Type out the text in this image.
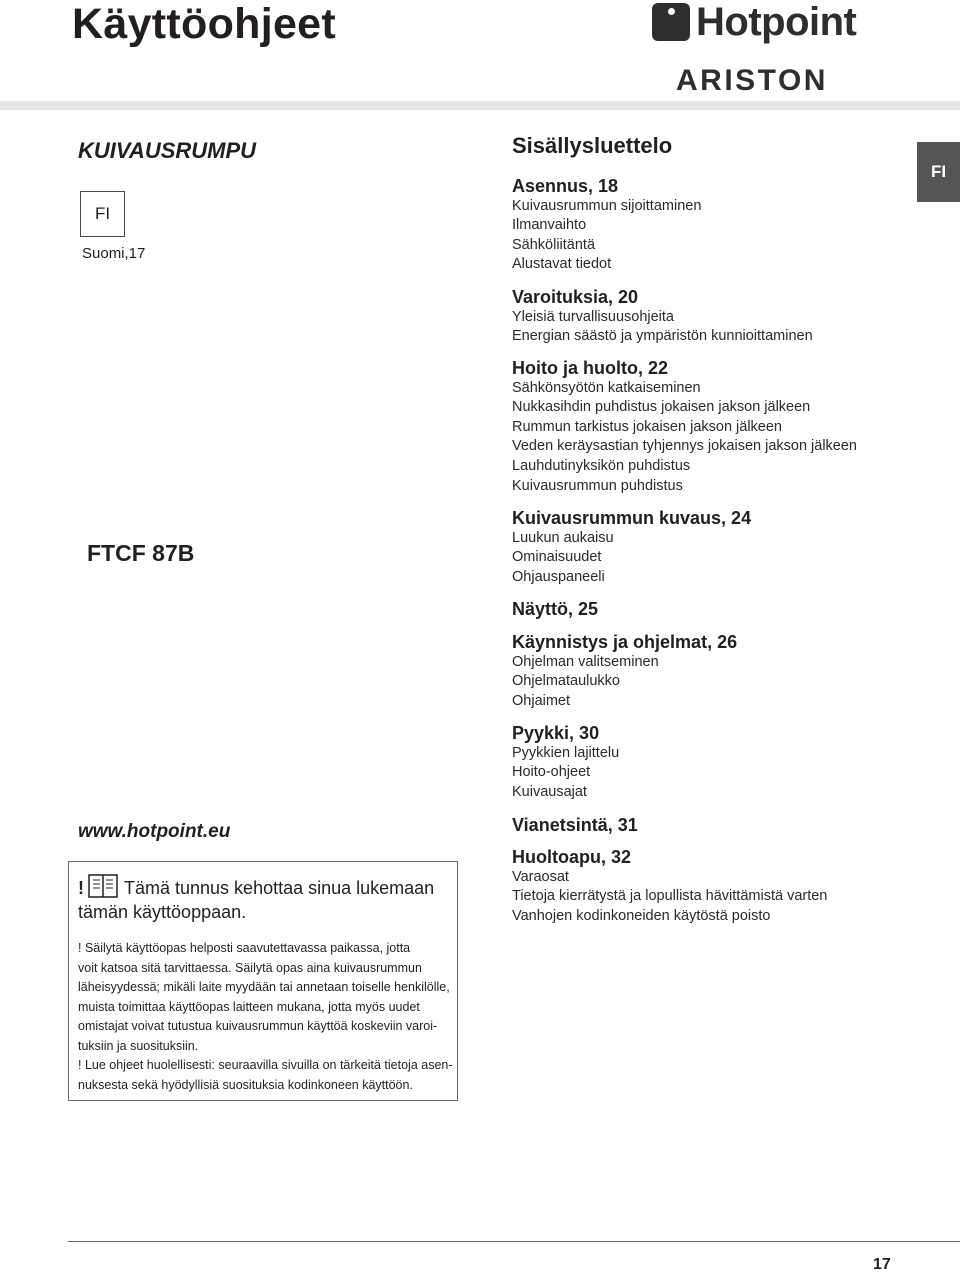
Käyttöohjeet	Hotpoint
ARISTON
KUIVAUSRUMPU
FI
Suomi,17
FTCF 87B
www.hotpoint.eu
! Tämä tunnus kehottaa sinua lukemaan tämän käyttöoppaan.
! Säilytä käyttöopas helposti saavutettavassa paikassa, jotta
voit katsoa sitä tarvittaessa. Säilytä opas aina kuivausrummun
läheisyydessä; mikäli laite myydään tai annetaan toiselle henkilölle,
muista toimittaa käyttöopas laitteen mukana, jotta myös uudet
omistajat voivat tutustua kuivausrummun käyttöä koskeviin varoi-
tuksiin ja suosituksiin.
! Lue ohjeet huolellisesti: seuraavilla sivuilla on tärkeitä tietoja asen-
nuksesta sekä hyödyllisiä suosituksia kodinkoneen käyttöön.
Sisällysluettelo
Asennus, 18
Kuivausrummun sijoittaminen
Ilmanvaihto
Sähköliitäntä
Alustavat tiedot
Varoituksia, 20
Yleisiä turvallisuusohjeita
Energian säästö ja ympäristön kunnioittaminen
Hoito ja huolto, 22
Sähkönsyötön katkaiseminen
Nukkasihdin puhdistus jokaisen jakson jälkeen
Rummun tarkistus jokaisen jakson jälkeen
Veden keräysastian tyhjennys jokaisen jakson jälkeen
Lauhdutinyksikön puhdistus
Kuivausrummun puhdistus
Kuivausrummun kuvaus, 24
Luukun aukaisu
Ominaisuudet
Ohjauspaneeli
Näyttö, 25
Käynnistys ja ohjelmat, 26
Ohjelman valitseminen
Ohjelmataulukko
Ohjaimet
Pyykki, 30
Pyykkien lajittelu
Hoito-ohjeet
Kuivausajat
Vianetsintä, 31
Huoltoapu, 32
Varaosat
Tietoja kierrätystä ja lopullista hävittämistä varten
Vanhojen kodinkoneiden käytöstä poisto
FI
17
